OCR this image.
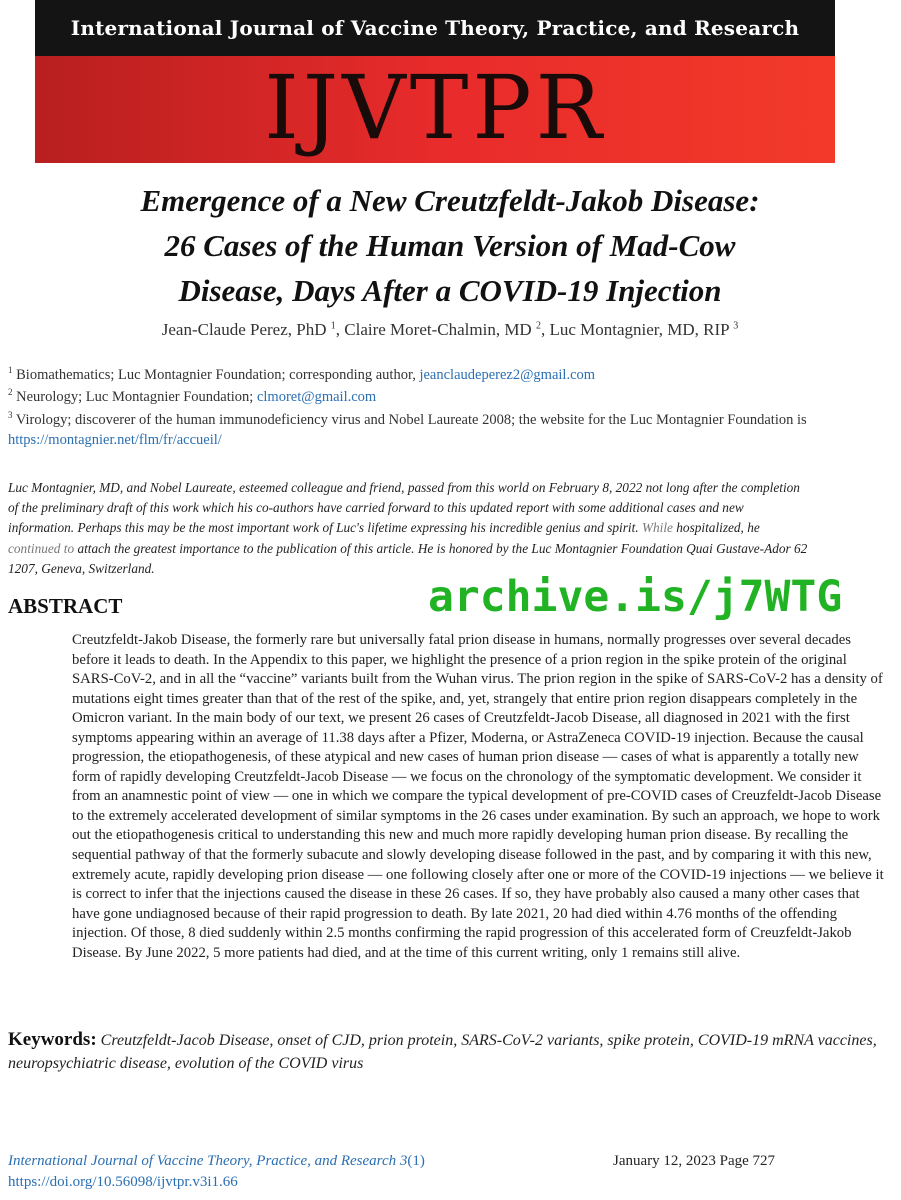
International Journal of Vaccine Theory, Practice, and Research
IJVTPR
Emergence of a New Creutzfeldt-Jakob Disease:
26 Cases of the Human Version of Mad-Cow
Disease, Days After a COVID-19 Injection
Jean-Claude Perez, PhD $^1$, Claire Moret-Chalmin, MD $^2$, Luc Montagnier, MD, RIP $^3$
$^1$ Biomathematics; Luc Montagnier Foundation; corresponding author, jeanclaudeperez2@gmail.com
$^2$ Neurology; Luc Montagnier Foundation; clmoret@gmail.com
$^3$ Virology; discoverer of the human immunodeficiency virus and Nobel Laureate 2008; the website for the Luc Montagnier Foundation is https://montagnier.net/flm/fr/accueil/
Luc Montagnier, MD, and Nobel Laureate, esteemed colleague and friend, passed from this world on February 8, 2022 not long after the completion of the preliminary draft of this work which his co-authors have carried forward to this updated report with some additional cases and new information. Perhaps this may be the most important work of Luc's lifetime expressing his incredible genius and spirit. While hospitalized, he continued to attach the greatest importance to the publication of this article. He is honored by the Luc Montagnier Foundation Quai Gustave-Ador 62 1207, Geneva, Switzerland.
ABSTRACT	archive.is/j7WTG
Creutzfeldt-Jakob Disease, the formerly rare but universally fatal prion disease in humans, normally progresses over several decades before it leads to death. In the Appendix to this paper, we highlight the presence of a prion region in the spike protein of the original SARS-CoV-2, and in all the “vaccine” variants built from the Wuhan virus. The prion region in the spike of SARS-CoV-2 has a density of mutations eight times greater than that of the rest of the spike, and, yet, strangely that entire prion region disappears completely in the Omicron variant. In the main body of our text, we present 26 cases of Creutzfeldt-Jacob Disease, all diagnosed in 2021 with the first symptoms appearing within an average of 11.38 days after a Pfizer, Moderna, or AstraZeneca COVID-19 injection. Because the causal progression, the etiopathogenesis, of these atypical and new cases of human prion disease — cases of what is apparently a totally new form of rapidly developing Creutzfeldt-Jacob Disease — we focus on the chronology of the symptomatic development. We consider it from an anamnestic point of view — one in which we compare the typical development of pre-COVID cases of Creuzfeldt-Jacob Disease to the extremely accelerated development of similar symptoms in the 26 cases under examination. By such an approach, we hope to work out the etiopathogenesis critical to understanding this new and much more rapidly developing human prion disease. By recalling the sequential pathway of that the formerly subacute and slowly developing disease followed in the past, and by comparing it with this new, extremely acute, rapidly developing prion disease — one following closely after one or more of the COVID-19 injections — we believe it is correct to infer that the injections caused the disease in these 26 cases. If so, they have probably also caused a many other cases that have gone undiagnosed because of their rapid progression to death. By late 2021, 20 had died within 4.76 months of the offending injection. Of those, 8 died suddenly within 2.5 months confirming the rapid progression of this accelerated form of Creuzfeldt-Jakob Disease. By June 2022, 5 more patients had died, and at the time of this current writing, only 1 remains still alive.
Keywords: Creutzfeldt-Jacob Disease, onset of CJD, prion protein, SARS-CoV-2 variants, spike protein, COVID-19 mRNA vaccines, neuropsychiatric disease, evolution of the COVID virus
International Journal of Vaccine Theory, Practice, and Research 3(1)
https://doi.org/10.56098/ijvtpr.v3i1.66
January 12, 2023 Page 727
